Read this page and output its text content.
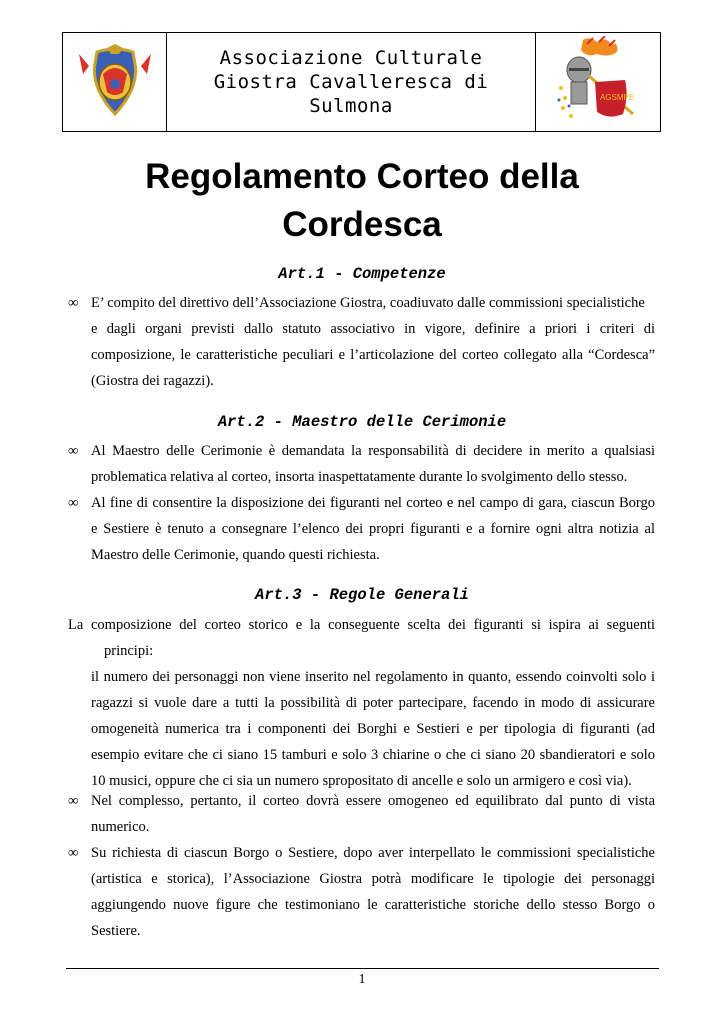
Associazione Culturale
Giostra Cavalleresca di
Sulmona	AGSMPE
Regolamento Corteo della
Cordesca
Art.1 - Competenze
∞ E’ compito del direttivo dell’Associazione Giostra, coadiuvato dalle commissioni specialistiche
e dagli organi previsti dallo statuto associativo in vigore, definire a priori i criteri di
composizione, le caratteristiche peculiari e l’articolazione del corteo collegato alla “Cordesca”
(Giostra dei ragazzi).
Art.2 - Maestro delle Cerimonie
∞ Al Maestro delle Cerimonie è demandata la responsabilità di decidere in merito a qualsiasi
problematica relativa al corteo, insorta inaspettatamente durante lo svolgimento dello stesso.
∞ Al fine di consentire la disposizione dei figuranti nel corteo e nel campo di gara, ciascun Borgo
e Sestiere è tenuto a consegnare l’elenco dei propri figuranti e a fornire ogni altra notizia al
Maestro delle Cerimonie, quando questi richiesta.
Art.3 - Regole Generali
La composizione del corteo storico e la conseguente scelta dei figuranti si ispira ai seguenti
principi:
il numero dei personaggi non viene inserito nel regolamento in quanto, essendo coinvolti solo i
ragazzi si vuole dare a tutti la possibilità di poter partecipare, facendo in modo di assicurare
omogeneità numerica tra i componenti dei Borghi e Sestieri e per tipologia di figuranti (ad
esempio evitare che ci siano 15 tamburi e solo 3 chiarine o che ci siano 20 sbandieratori e solo
10 musici, oppure che ci sia un numero spropositato di ancelle e solo un armigero e così via).
∞ Nel complesso, pertanto, il corteo dovrà essere omogeneo ed equilibrato dal punto di vista
numerico.
∞ Su richiesta di ciascun Borgo o Sestiere, dopo aver interpellato le commissioni specialistiche
(artistica e storica), l’Associazione Giostra potrà modificare le tipologie dei personaggi
aggiungendo nuove figure che testimoniano le caratteristiche storiche dello stesso Borgo o
Sestiere.
1
